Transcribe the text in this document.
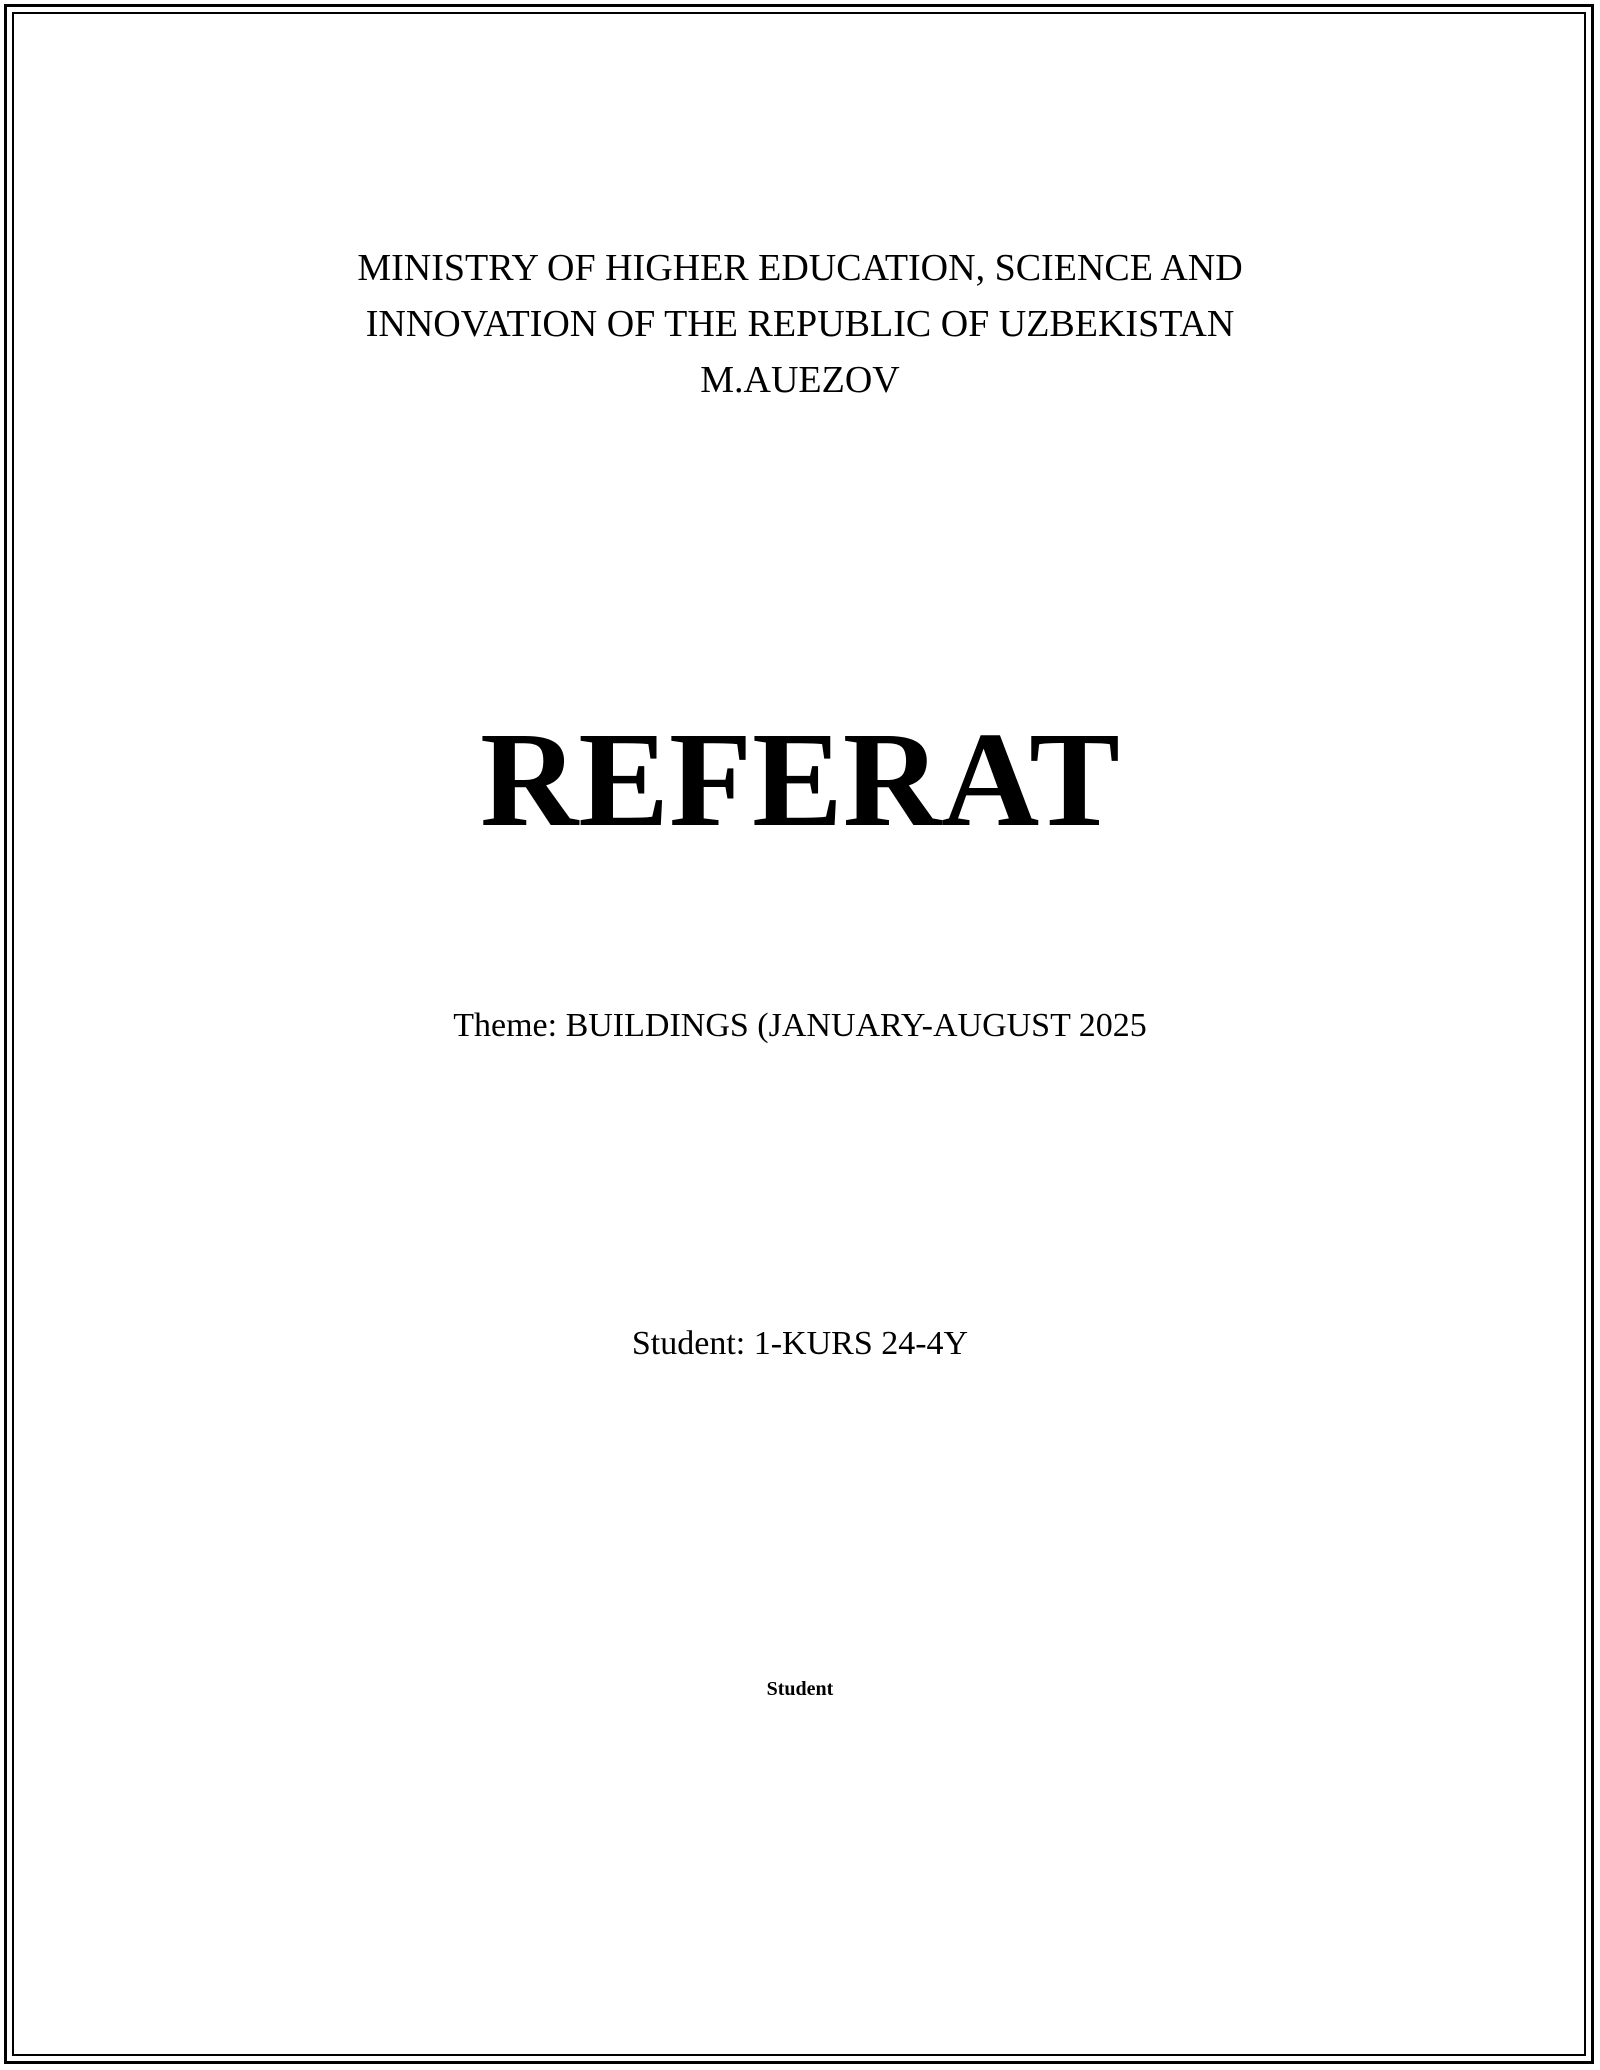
MINISTRY OF HIGHER EDUCATION, SCIENCE AND
INNOVATION OF THE REPUBLIC OF UZBEKISTAN
M.AUEZOV
REFERAT
Theme: BUILDINGS (JANUARY-AUGUST 2025
Student: 1-KURS 24-4Y
Student
